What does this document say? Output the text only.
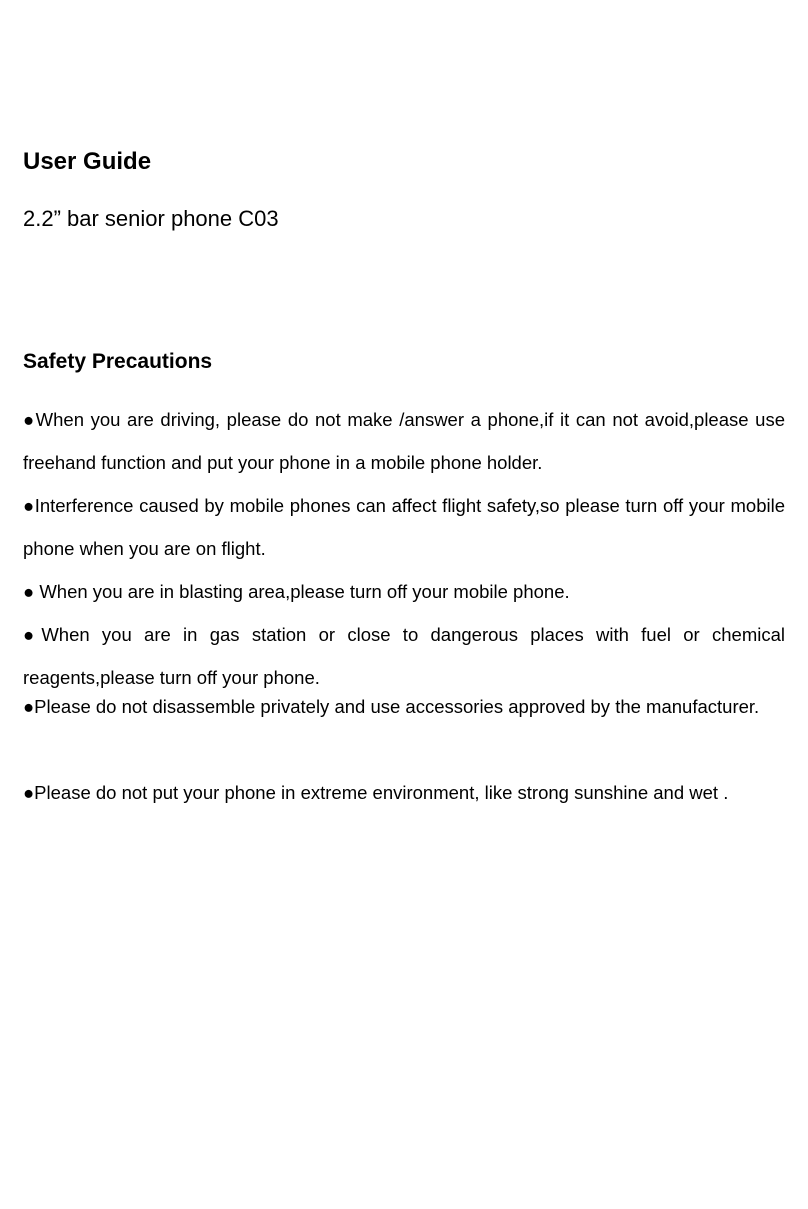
User Guide

2.2” bar senior phone C03

Safety Precautions

●When you are driving, please do not make /answer a phone,if it can not avoid,please use freehand function and put your phone in a mobile phone holder.

●Interference caused by mobile phones can affect flight safety,so please turn off your mobile phone when you are on flight.

● When you are in blasting area,please turn off your mobile phone.

●When you are in gas station or close to dangerous places with fuel or chemical reagents,please turn off your phone.

●Please do not disassemble privately and use accessories approved by the manufacturer.

●Please do not put your phone in extreme environment, like strong sunshine and wet .
